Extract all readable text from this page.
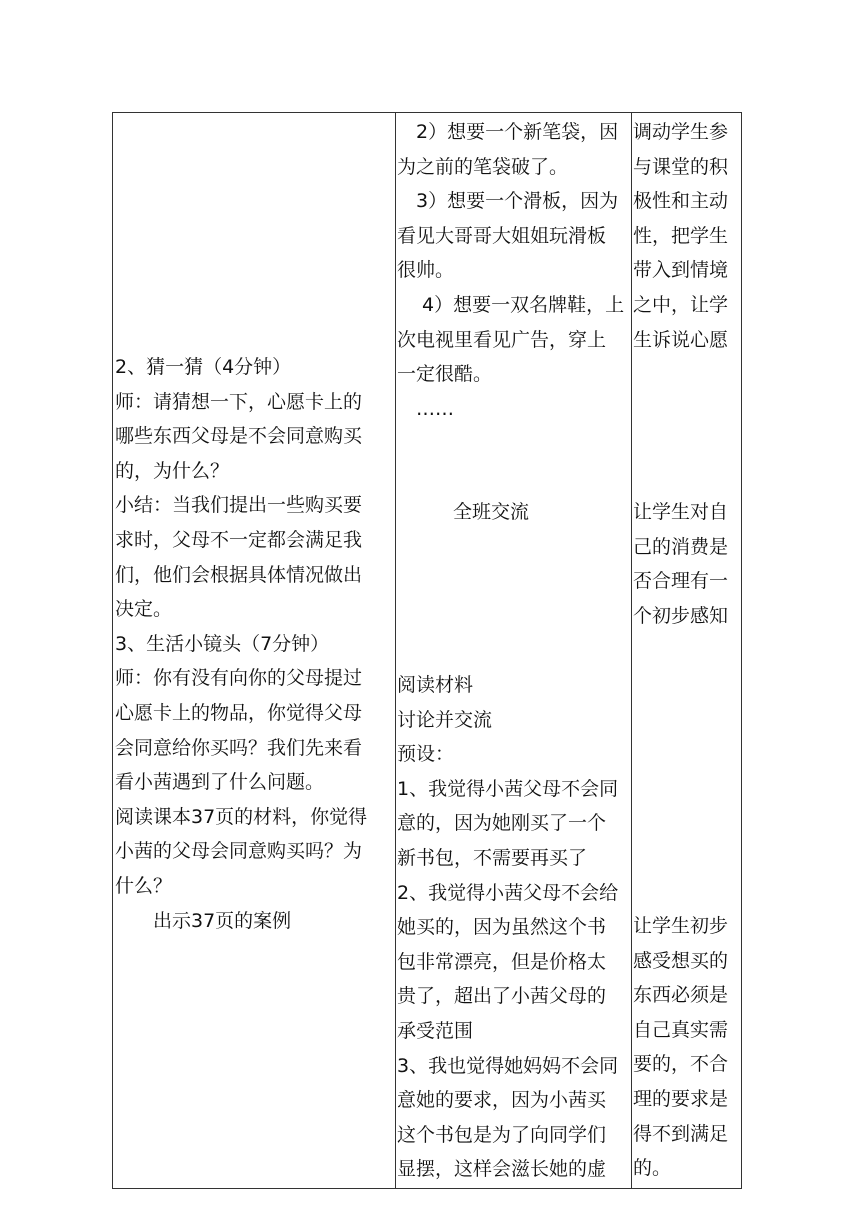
2、猜一猜（4分钟）
师：请猜想一下，心愿卡上的
哪些东西父母是不会同意购买
的，为什么？
小结：当我们提出一些购买要
求时，父母不一定都会满足我
们，他们会根据具体情况做出
决定。
3、生活小镜头（7分钟）
师：你有没有向你的父母提过
心愿卡上的物品，你觉得父母
会同意给你买吗？我们先来看
看小茜遇到了什么问题。
阅读课本37页的材料，你觉得
小茜的父母会同意购买吗？为
什么？
　　出示37页的案例
　2）想要一个新笔袋，因
为之前的笔袋破了。
　3）想要一个滑板，因为
看见大哥哥大姐姐玩滑板
很帅。
　 4）想要一双名牌鞋，上
次电视里看见广告，穿上
一定很酷。
　……
全班交流
阅读材料
讨论并交流
预设：
1、我觉得小茜父母不会同
意的，因为她刚买了一个
新书包，不需要再买了
2、我觉得小茜父母不会给
她买的，因为虽然这个书
包非常漂亮，但是价格太
贵了，超出了小茜父母的
承受范围
3、我也觉得她妈妈不会同
意她的要求，因为小茜买
这个书包是为了向同学们
显摆，这样会滋长她的虚
调动学生参
与课堂的积
极性和主动
性，把学生
带入到情境
之中，让学
生诉说心愿
让学生对自
己的消费是
否合理有一
个初步感知
让学生初步
感受想买的
东西必须是
自己真实需
要的，不合
理的要求是
得不到满足
的。
